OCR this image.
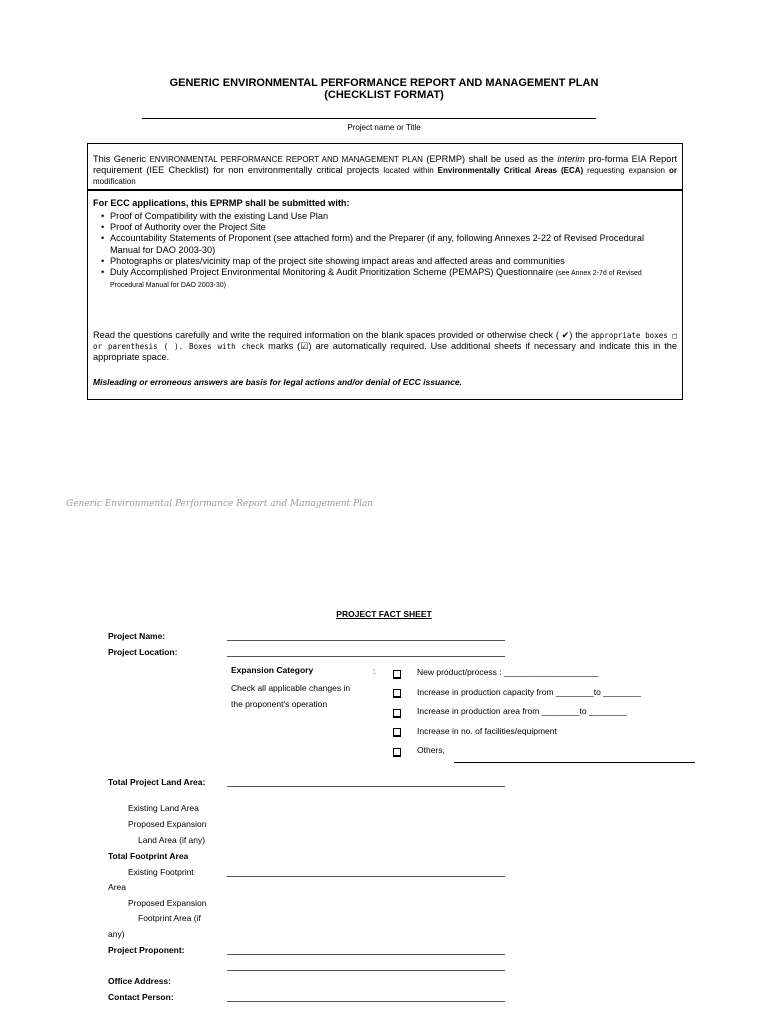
GENERIC ENVIRONMENTAL PERFORMANCE REPORT AND MANAGEMENT PLAN
(CHECKLIST FORMAT)
Project name or Title
This Generic ENVIRONMENTAL PERFORMANCE REPORT AND MANAGEMENT PLAN (EPRMP) shall be used as the interim pro-forma EIA Report requirement (IEE Checklist) for non environmentally critical projects located within Environmentally Critical Areas (ECA) requesting expansion or modification
For ECC applications, this EPRMP shall be submitted with:
• Proof of Compatibility with the existing Land Use Plan
• Proof of Authority over the Project Site
• Accountability Statements of Proponent (see attached form) and the Preparer (if any, following Annexes 2-22 of Revised Procedural Manual for DAO 2003-30)
• Photographs or plates/vicinity map of the project site showing impact areas and affected areas and communities
• Duly Accomplished Project Environmental Monitoring & Audit Prioritization Scheme (PEMAPS) Questionnaire (see Annex 2-7d of Revised Procedural Manual for DAO 2003-30)
Read the questions carefully and write the required information on the blank spaces provided or otherwise check ( ✔) the appropriate boxes □ or parenthesis ( ). Boxes with check marks (☑) are automatically required. Use additional sheets if necessary and indicate this in the appropriate space.
Misleading or erroneous answers are basis for legal actions and/or denial of ECC issuance.
Generic Environmental Performance Report and Management Plan
PROJECT FACT SHEET
Project Name:
Project Location:
Expansion Category	:
Check all applicable changes in
the proponent's operation
New product/process : ____________________
Increase in production capacity from ________to ________
Increase in production area from ________to ________
Increase in no. of facilities/equipment
Others,
Total Project Land Area:
Existing Land Area
Proposed Expansion
Land Area (if any)
Total Footprint Area
Existing Footprint
Area
Proposed Expansion
Footprint Area (if
any)
Project Proponent:
Office Address:
Contact Person:
